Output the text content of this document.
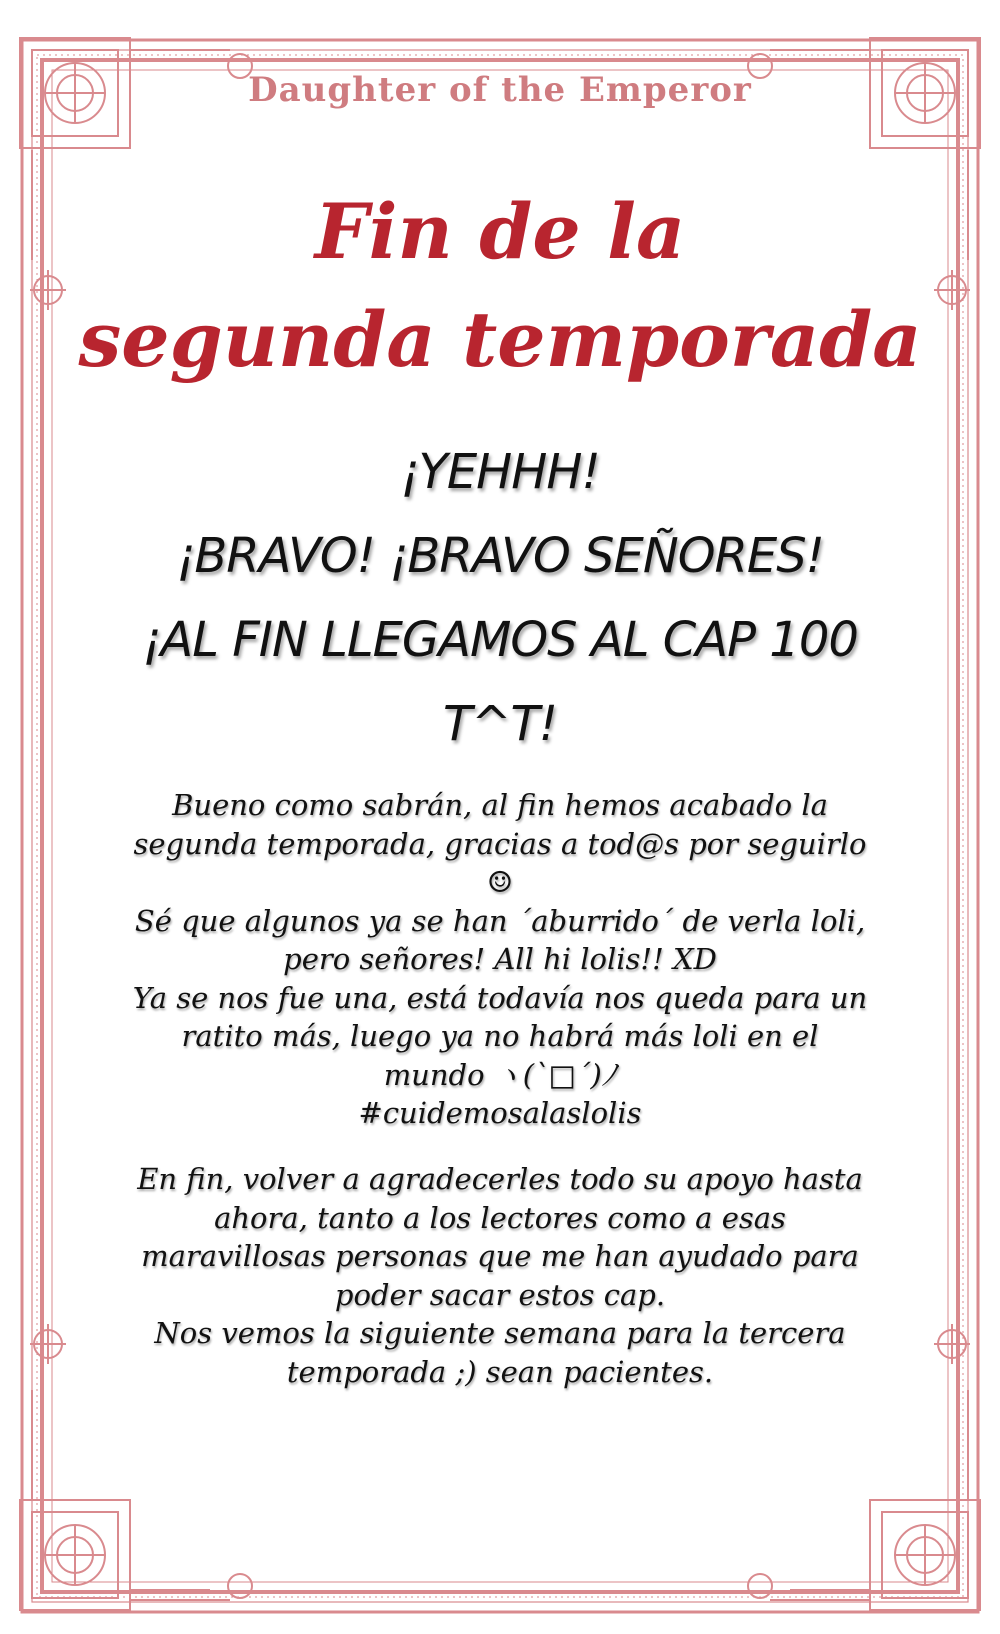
Daughter of the Emperor
Fin de la
segunda temporada
¡YEHHH!
¡BRAVO! ¡BRAVO SEÑORES!
¡AL FIN LLEGAMOS AL CAP 100
T^T!
Bueno como sabrán, al fin hemos acabado la
segunda temporada, gracias a tod@s por seguirlo
☺
Sé que algunos ya se han ´aburrido´ de verla loli,
pero señores! All hi lolis!! XD
Ya se nos fue una, está todavía nos queda para un
ratito más, luego ya no habrá más loli en el
mundo ヽ(`□´)ﾉ
#cuidemosalaslolis
En fin, volver a agradecerles todo su apoyo hasta
ahora, tanto a los lectores como a esas
maravillosas personas que me han ayudado para
poder sacar estos cap.
Nos vemos la siguiente semana para la tercera
temporada ;) sean pacientes.
